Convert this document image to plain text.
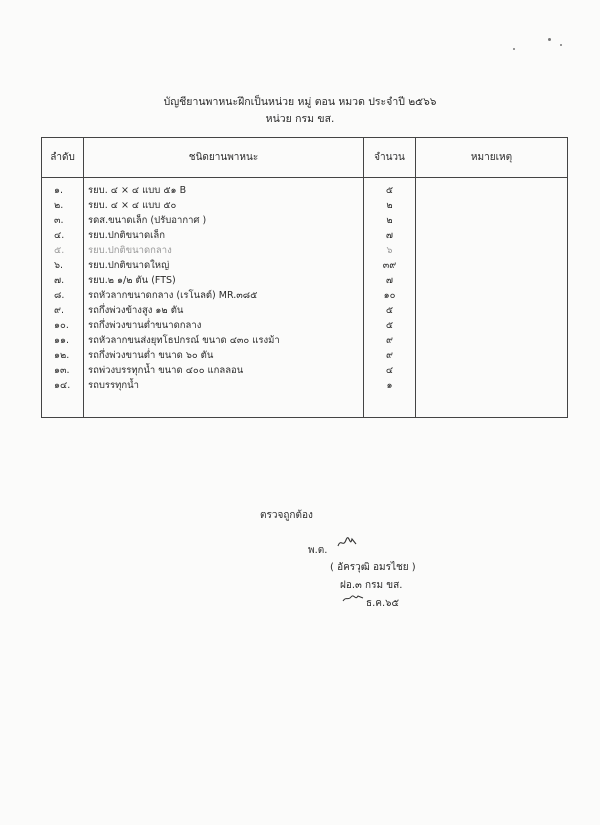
บัญชียานพาหนะฝึกเป็นหน่วย หมู่ ตอน หมวด ประจำปี ๒๕๖๖
หน่วย กรม ขส.
ลำดับ	ชนิดยานพาหนะ	จำนวน	หมายเหตุ
๑.	รยบ. ๔ × ๔ แบบ ๕๑ B	๕	
๒.	รยบ. ๔ × ๔ แบบ ๕๐	๒	
๓.	รดส.ขนาดเล็ก (ปรับอากาศ )	๒	
๔.	รยบ.ปกติขนาดเล็ก	๗	
๕.	รยบ.ปกติขนาดกลาง	๖	
๖.	รยบ.ปกติขนาดใหญ่	๓๙	
๗.	รยบ.๒ ๑/๒ ตัน (FTS)	๗	
๘.	รถหัวลากขนาดกลาง (เรโนลต์) MR.๓๘๕	๑๐	
๙.	รถกึ่งพ่วงข้างสูง ๑๒ ตัน	๕	
๑๐.	รถกึ่งพ่วงขานต่ำขนาดกลาง	๕	
๑๑.	รถหัวลากขนส่งยุทโธปกรณ์ ขนาด ๔๓๐ แรงม้า	๙	
๑๒.	รถกึ่งพ่วงขานต่ำ ขนาด ๖๐ ตัน	๙	
๑๓.	รถพ่วงบรรทุกน้ำ ขนาด ๔๐๐ แกลลอน	๔	
๑๔.	รถบรรทุกน้ำ	๑	

ตรวจถูกต้อง
พ.ต.
( อัครวุฒิ อมรไชย )
ฝอ.๓ กรม ขส.
ธ.ค.๖๕
